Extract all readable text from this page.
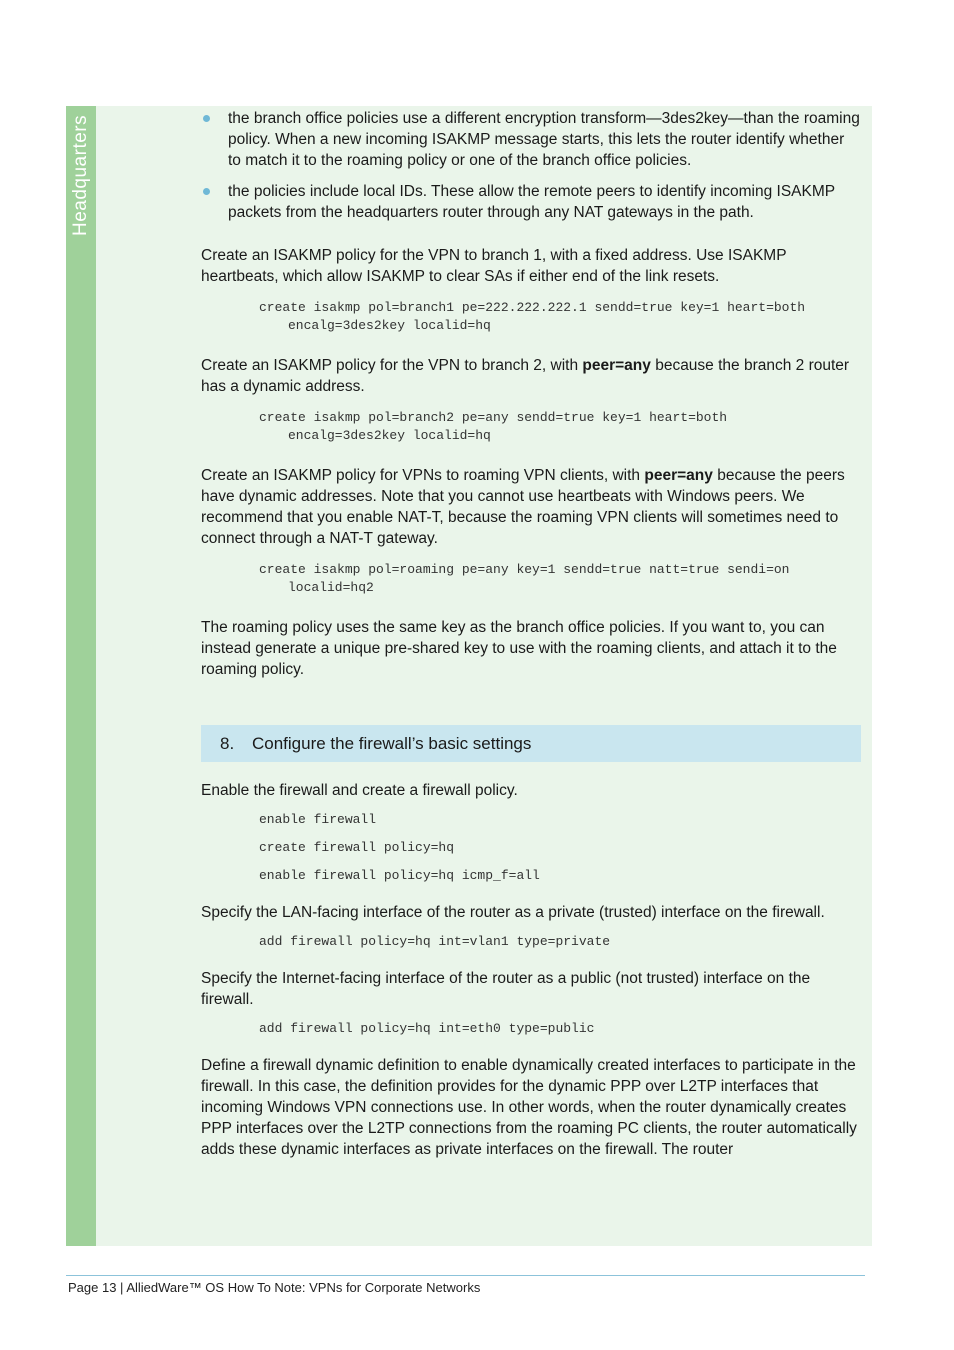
Headquarters	the branch office policies use a different encryption transform—3des2key—than the roaming policy. When a new incoming ISAKMP message starts, this lets the router identify whether to match it to the roaming policy or one of the branch office policies.
the policies include local IDs. These allow the remote peers to identify incoming ISAKMP packets from the headquarters router through any NAT gateways in the path.

Create an ISAKMP policy for the VPN to branch 1, with a fixed address. Use ISAKMP heartbeats, which allow ISAKMP to clear SAs if either end of the link resets.

create isakmp pol=branch1 pe=222.222.222.1 sendd=true key=1 heart=both
encalg=3des2key localid=hq

Create an ISAKMP policy for the VPN to branch 2, with peer=any because the branch 2 router has a dynamic address.

create isakmp pol=branch2 pe=any sendd=true key=1 heart=both
encalg=3des2key localid=hq

Create an ISAKMP policy for VPNs to roaming VPN clients, with peer=any because the peers have dynamic addresses. Note that you cannot use heartbeats with Windows peers. We recommend that you enable NAT-T, because the roaming VPN clients will sometimes need to connect through a NAT-T gateway.

create isakmp pol=roaming pe=any key=1 sendd=true natt=true sendi=on
localid=hq2

The roaming policy uses the same key as the branch office policies. If you want to, you can instead generate a unique pre-shared key to use with the roaming clients, and attach it to the roaming policy.

8.	Configure the firewall’s basic settings

Enable the firewall and create a firewall policy.

enable firewall
create firewall policy=hq
enable firewall policy=hq icmp_f=all

Specify the LAN-facing interface of the router as a private (trusted) interface on the firewall.

add firewall policy=hq int=vlan1 type=private

Specify the Internet-facing interface of the router as a public (not trusted) interface on the firewall.

add firewall policy=hq int=eth0 type=public

Define a firewall dynamic definition to enable dynamically created interfaces to participate in the firewall. In this case, the definition provides for the dynamic PPP over L2TP interfaces that incoming Windows VPN connections use. In other words, when the router dynamically creates PPP interfaces over the L2TP connections from the roaming PC clients, the router automatically adds these dynamic interfaces as private interfaces on the firewall. The router

Page 13 | AlliedWare™ OS How To Note: VPNs for Corporate Networks
